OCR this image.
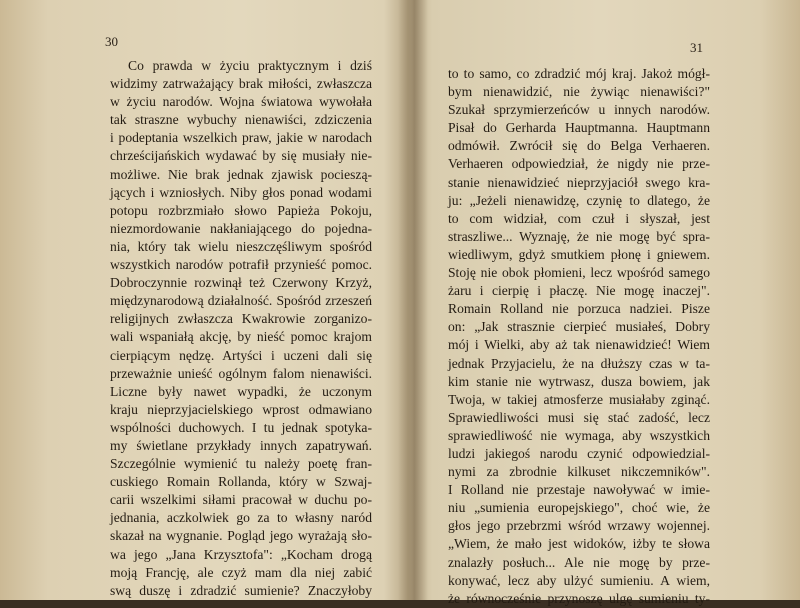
30
Co prawda w życiu praktycznym i dziś
widzimy zatrważający brak miłości, zwłaszcza
w życiu narodów. Wojna światowa wywołała
tak straszne wybuchy nienawiści, zdziczenia
i podeptania wszelkich praw, jakie w narodach
chrześcijańskich wydawać by się musiały nie-
możliwe. Nie brak jednak zjawisk pocieszą-
jących i wzniosłych. Niby głos ponad wodami
potopu rozbrzmiało słowo Papieża Pokoju,
niezmordowanie nakłaniającego do pojedna-
nia, który tak wielu nieszczęśliwym spośród
wszystkich narodów potrafił przynieść pomoc.
Dobroczynnie rozwinął też Czerwony Krzyż,
międzynarodową działalność. Spośród zrzeszeń
religijnych zwłaszcza Kwakrowie zorganizo-
wali wspaniałą akcję, by nieść pomoc krajom
cierpiącym nędzę. Artyści i uczeni dali się
przeważnie unieść ogólnym falom nienawiści.
Liczne były nawet wypadki, że uczonym
kraju nieprzyjacielskiego wprost odmawiano
wspólności duchowych. I tu jednak spotyka-
my świetlane przykłady innych zapatrywań.
Szczególnie wymienić tu należy poetę fran-
cuskiego Romain Rollanda, który w Szwaj-
carii wszelkimi siłami pracował w duchu po-
jednania, aczkolwiek go za to własny naród
skazał na wygnanie. Pogląd jego wyrażają sło-
wa jego „Jana Krzysztofa": „Kocham drogą
moją Francję, ale czyż mam dla niej zabić
swą duszę i zdradzić sumienie? Znaczyłoby
31
to to samo, co zdradzić mój kraj. Jakoż mógł-
bym nienawidzić, nie żywiąc nienawiści?"
Szukał sprzymierzeńców u innych narodów.
Pisał do Gerharda Hauptmanna. Hauptmann
odmówił. Zwrócił się do Belga Verhaeren.
Verhaeren odpowiedział, że nigdy nie prze-
stanie nienawidzieć nieprzyjaciół swego kra-
ju: „Jeżeli nienawidzę, czynię to dlatego, że
to com widział, com czuł i słyszał, jest
straszliwe... Wyznaję, że nie mogę być spra-
wiedliwym, gdyż smutkiem płonę i gniewem.
Stoję nie obok płomieni, lecz wpośród samego
żaru i cierpię i płaczę. Nie mogę inaczej".
Romain Rolland nie porzuca nadziei. Pisze
on: „Jak strasznie cierpieć musiałeś, Dobry
mój i Wielki, aby aż tak nienawidzieć! Wiem
jednak Przyjacielu, że na dłuższy czas w ta-
kim stanie nie wytrwasz, dusza bowiem, jak
Twoja, w takiej atmosferze musiałaby zginąć.
Sprawiedliwości musi się stać zadość, lecz
sprawiedliwość nie wymaga, aby wszystkich
ludzi jakiegoś narodu czynić odpowiedzial-
nymi za zbrodnie kilkuset nikczemników".
I Rolland nie przestaje nawoływać w imie-
niu „sumienia europejskiego", choć wie, że
głos jego przebrzmi wśród wrzawy wojennej.
„Wiem, że mało jest widoków, iżby te słowa
znalazły posłuch... Ale nie mogę by prze-
konywać, lecz aby ulżyć sumieniu. A wiem,
że równocześnie przynoszę ulgę sumieniu ty-
